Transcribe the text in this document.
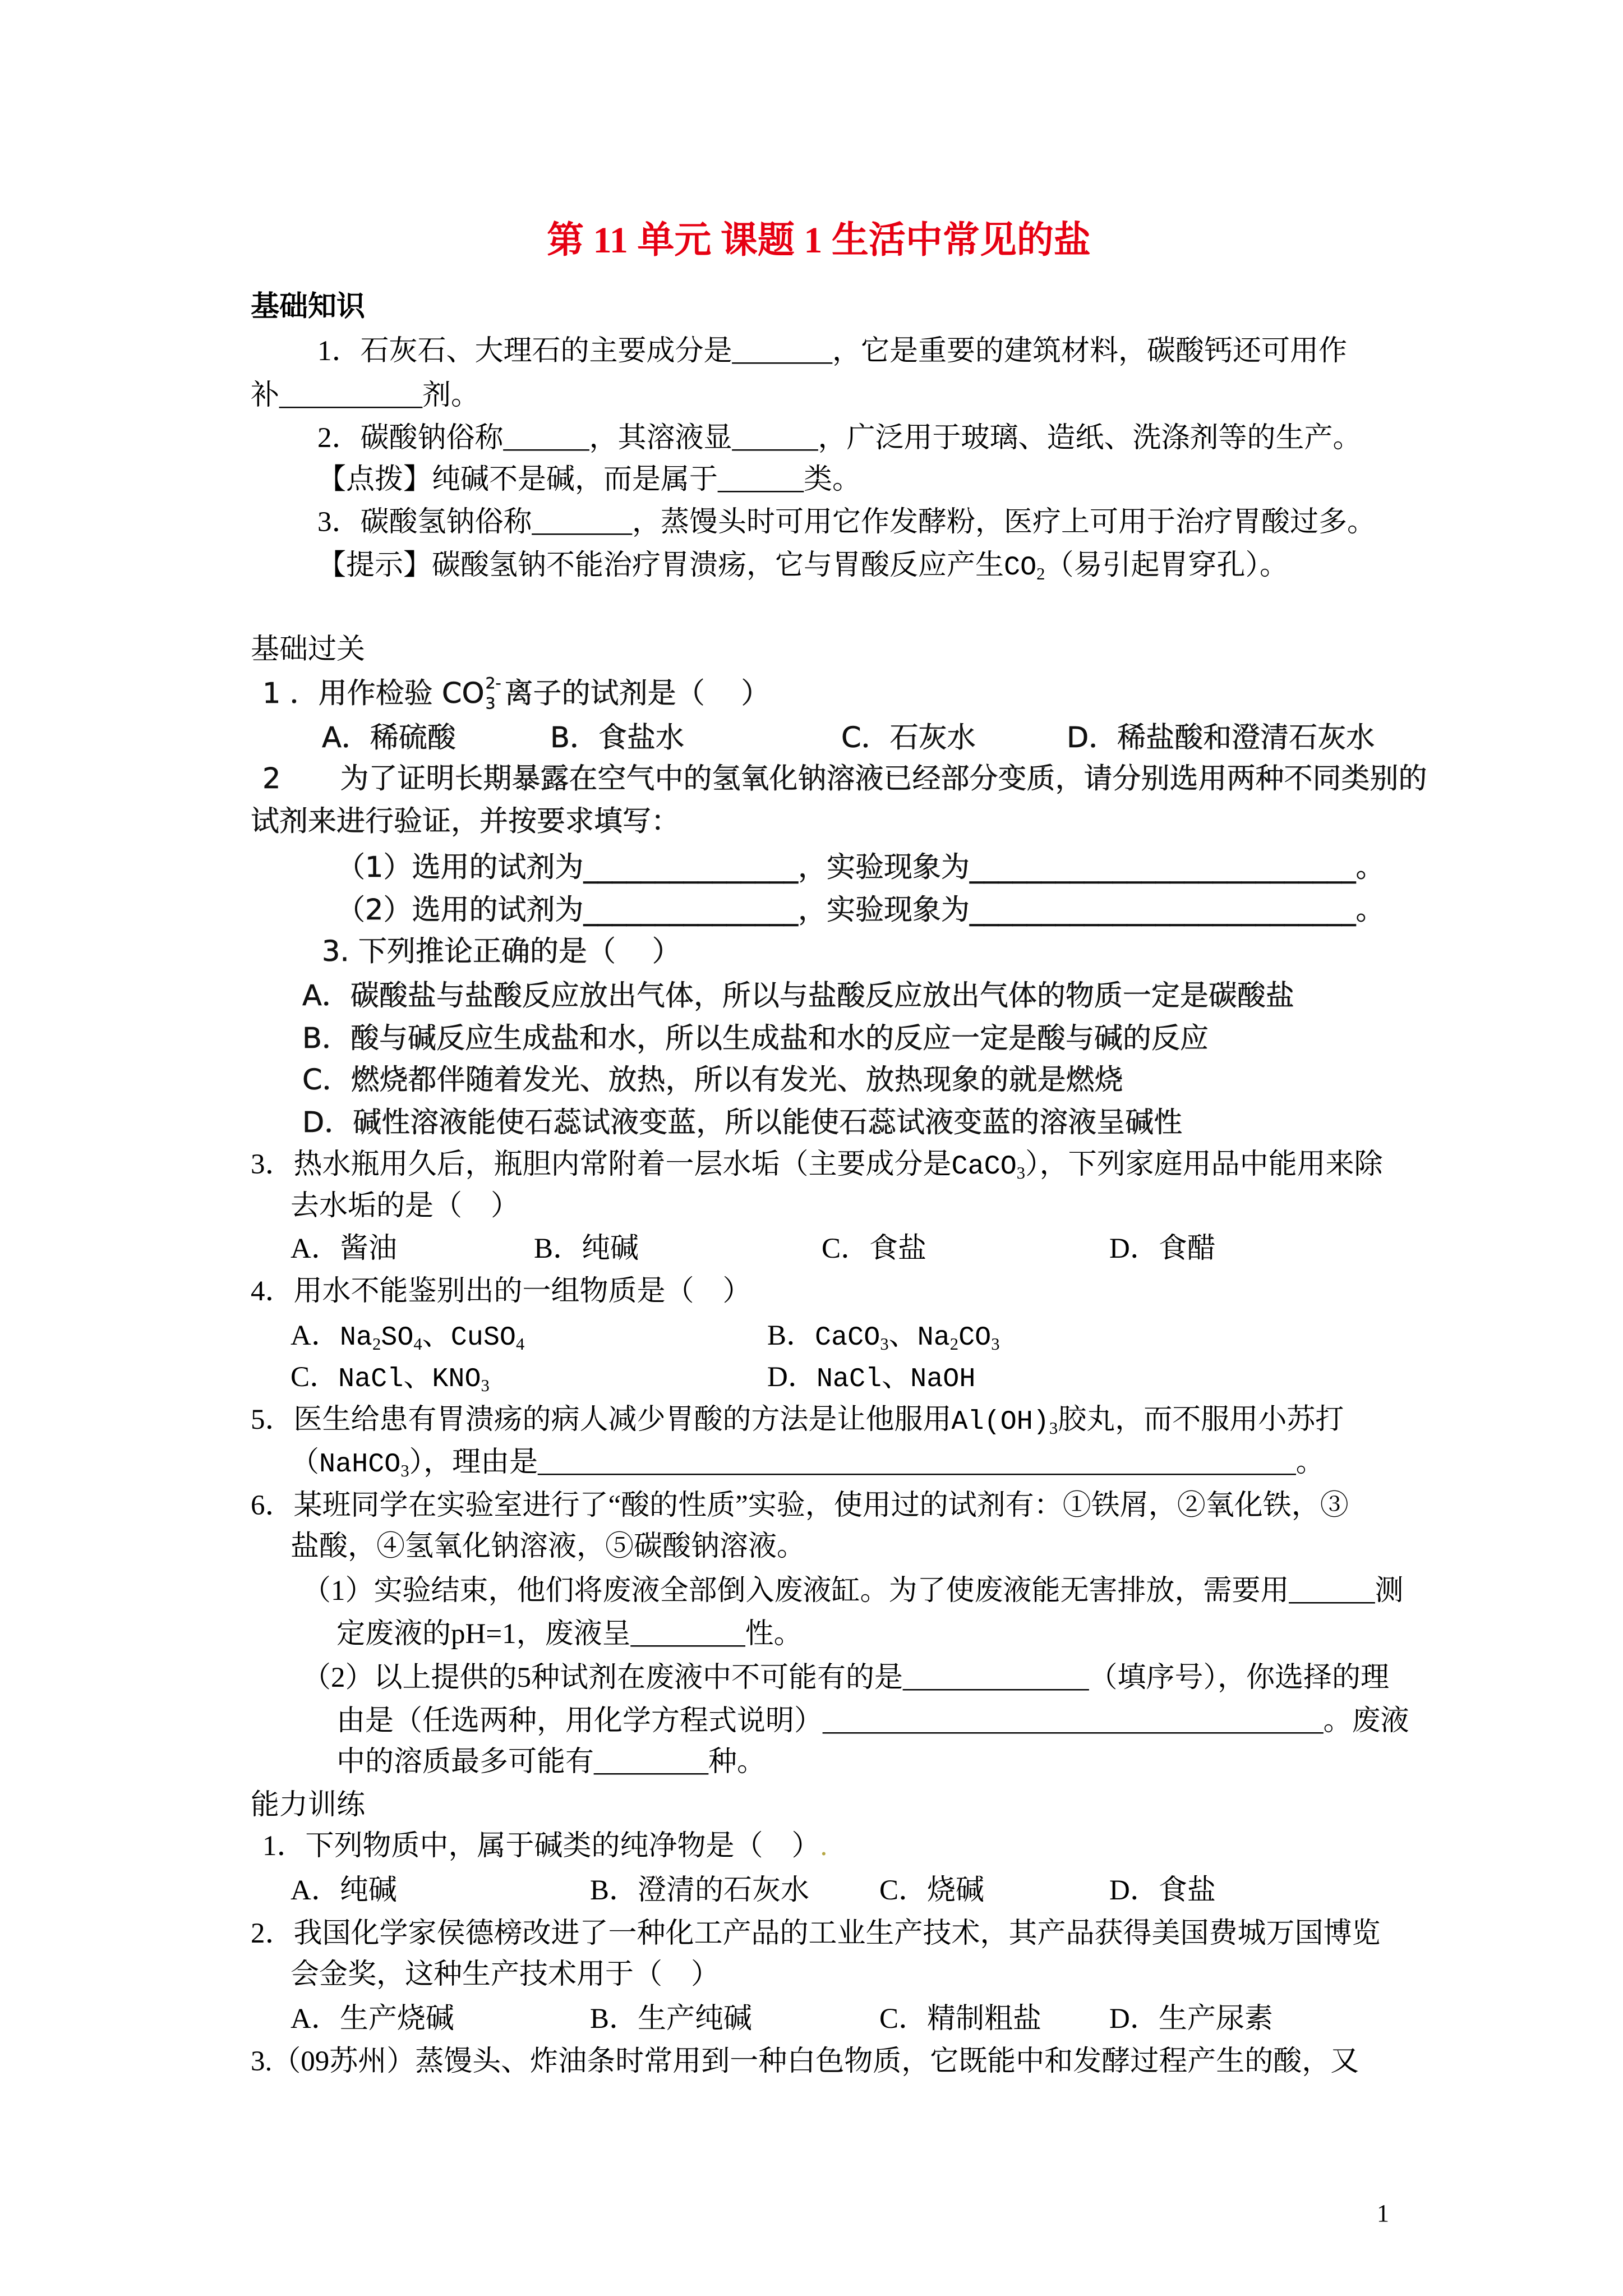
第 11 单元 课题 1 生活中常见的盐
基础知识
1．石灰石、大理石的主要成分是_______，它是重要的建筑材料，碳酸钙还可用作
补__________剂。
2．碳酸钠俗称______，其溶液显______，广泛用于玻璃、造纸、洗涤剂等的生产。
【点拨】纯碱不是碱，而是属于______类。
3．碳酸氢钠俗称_______，蒸馒头时可用它作发酵粉，医疗上可用于治疗胃酸过多。
【提示】碳酸氢钠不能治疗胃溃疡，它与胃酸反应产生$CO_2$（易引起胃穿孔）。
基础过关
1 ．用作检验 CO 2-
3 离子的试剂是（    ）
A．稀硫酸	B．食盐水	C．石灰水	D．稀盐酸和澄清石灰水
2 为了证明长期暴露在空气中的氢氧化钠溶液已经部分变质，请分别选用两种不同类别的
试剂来进行验证，并按要求填写：
（1）选用的试剂为_______________，实验现象为___________________________。
（2）选用的试剂为_______________，实验现象为___________________________。
3. 下列推论正确的是（    ）
A．碳酸盐与盐酸反应放出气体，所以与盐酸反应放出气体的物质一定是碳酸盐
B．酸与碱反应生成盐和水，所以生成盐和水的反应一定是酸与碱的反应
C．燃烧都伴随着发光、放热，所以有发光、放热现象的就是燃烧
D．碱性溶液能使石蕊试液变蓝，所以能使石蕊试液变蓝的溶液呈碱性
3．热水瓶用久后，瓶胆内常附着一层水垢（主要成分是CaCO$_3$），下列家庭用品中能用来除
去水垢的是（    ）
A．酱油	B．纯碱	C．食盐	D．食醋
4．用水不能鉴别出的一组物质是（    ）
A．$Na_2SO_4$、CuSO$_4$	B．CaCO$_3$、$Na_2CO_3$
C．NaCl、$KNO_3$	D．NaCl、NaOH
5．医生给患有胃溃疡的病人减少胃酸的方法是让他服用$Al(OH)_3$胶丸，而不服用小苏打
（NaHCO$_3$），理由是_____________________________________________________。
6．某班同学在实验室进行了“酸的性质”实验，使用过的试剂有：①铁屑，②氧化铁，③
盐酸，④氢氧化钠溶液，⑤碳酸钠溶液。
（1）实验结束，他们将废液全部倒入废液缸。为了使废液能无害排放，需要用______测
定废液的pH=1，废液呈________性。
（2）以上提供的5种试剂在废液中不可能有的是_____________（填序号），你选择的理
由是（任选两种，用化学方程式说明）___________________________________。废液
中的溶质最多可能有________种。
能力训练
1．下列物质中，属于碱类的纯净物是（    ）.
A．纯碱	B．澄清的石灰水 C．烧碱	D．食盐
2．我国化学家侯德榜改进了一种化工产品的工业生产技术，其产品获得美国费城万国博览
会金奖，这种生产技术用于（    ）
A．生产烧碱	B．生产纯碱	C．精制粗盐 D．生产尿素
3.（09苏州）蒸馒头、炸油条时常用到一种白色物质，它既能中和发酵过程产生的酸，又
1
